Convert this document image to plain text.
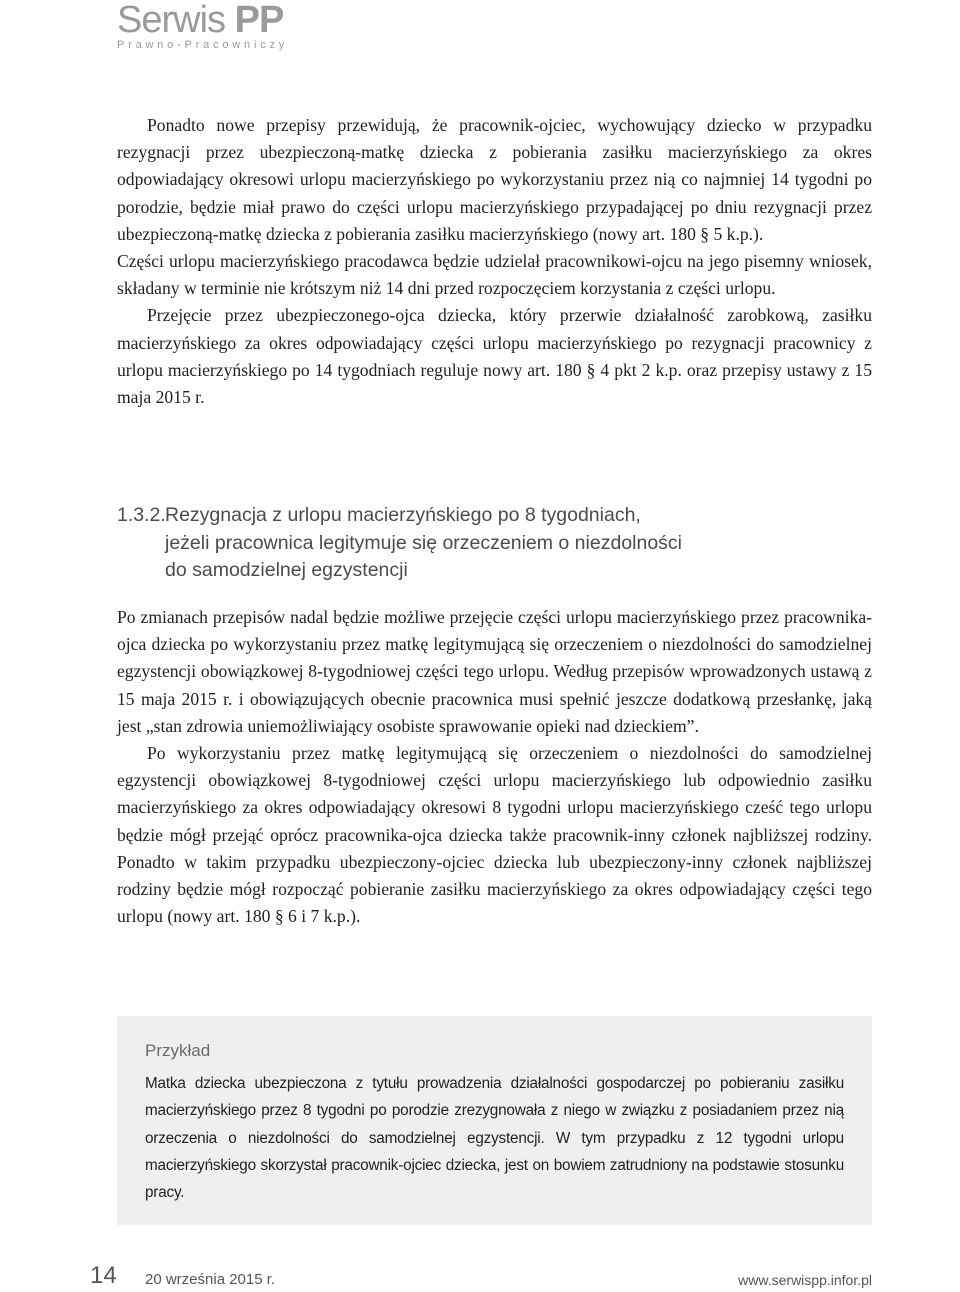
Serwis PP
Prawno-Pracowniczy

Ponadto nowe przepisy przewidują, że pracownik-ojciec, wychowujący dziecko w przypadku rezygnacji przez ubezpieczoną-matkę dziecka z pobierania zasiłku macierzyńskiego za okres odpowiadający okresowi urlopu macierzyńskiego po wykorzystaniu przez nią co najmniej 14 tygodni po porodzie, będzie miał prawo do części urlopu macierzyńskiego przypadającej po dniu rezygnacji przez ubezpieczoną-matkę dziecka z pobierania zasiłku macierzyńskiego (nowy art. 180 § 5 k.p.).

Części urlopu macierzyńskiego pracodawca będzie udzielał pracownikowi-ojcu na jego pisemny wniosek, składany w terminie nie krótszym niż 14 dni przed rozpoczęciem korzystania z części urlopu.

Przejęcie przez ubezpieczonego-ojca dziecka, który przerwie działalność zarobkową, zasiłku macierzyńskiego za okres odpowiadający części urlopu macierzyńskiego po rezygnacji pracownicy z urlopu macierzyńskiego po 14 tygodniach reguluje nowy art. 180 § 4 pkt 2 k.p. oraz przepisy ustawy z 15 maja 2015 r.

1.3.2.Rezygnacja z urlopu macierzyńskiego po 8 tygodniach,
jeżeli pracownica legitymuje się orzeczeniem o niezdolności
do samodzielnej egzystencji

Po zmianach przepisów nadal będzie możliwe przejęcie części urlopu macierzyńskiego przez pracownika-ojca dziecka po wykorzystaniu przez matkę legitymującą się orzeczeniem o niezdolności do samodzielnej egzystencji obowiązkowej 8-tygodniowej części tego urlopu. Według przepisów wprowadzonych ustawą z 15 maja 2015 r. i obowiązujących obecnie pracownica musi spełnić jeszcze dodatkową przesłankę, jaką jest „stan zdrowia uniemożliwiający osobiste sprawowanie opieki nad dzieckiem”.

Po wykorzystaniu przez matkę legitymującą się orzeczeniem o niezdolności do samodzielnej egzystencji obowiązkowej 8-tygodniowej części urlopu macierzyńskiego lub odpowiednio zasiłku macierzyńskiego za okres odpowiadający okresowi 8 tygodni urlopu macierzyńskiego cześć tego urlopu będzie mógł przejąć oprócz pracownika-ojca dziecka także pracownik-inny członek najbliższej rodziny. Ponadto w takim przypadku ubezpieczony-ojciec dziecka lub ubezpieczony-inny członek najbliższej rodziny będzie mógł rozpocząć pobieranie zasiłku macierzyńskiego za okres odpowiadający części tego urlopu (nowy art. 180 § 6 i 7 k.p.).

Przykład
Matka dziecka ubezpieczona z tytułu prowadzenia działalności gospodarczej po pobieraniu zasiłku macierzyńskiego przez 8 tygodni po porodzie zrezygnowała z niego w związku z posiadaniem przez nią orzeczenia o niezdolności do samodzielnej egzystencji. W tym przypadku z 12 tygodni urlopu macierzyńskiego skorzystał pracownik-ojciec dziecka, jest on bowiem zatrudniony na podstawie stosunku pracy.
14 20 września 2015 r.	www.serwispp.infor.pl
